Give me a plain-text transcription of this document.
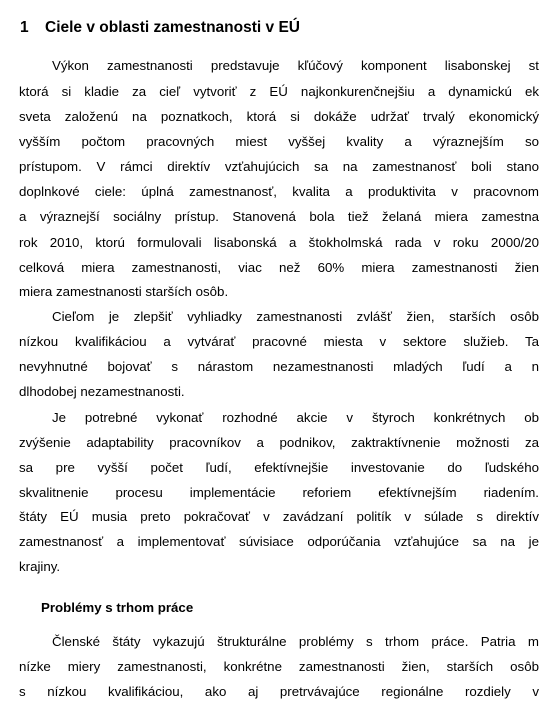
1 Ciele v oblasti zamestnanosti v EÚ
Výkon zamestnanosti predstavuje kľúčový komponent lisabonskej st
ktorá si kladie za cieľ vytvoriť z EÚ najkonkurenčnejšiu a dynamickú ek
sveta založenú na poznatkoch, ktorá si dokáže udržať trvalý ekonomický
vyšším počtom pracovných miest vyššej kvality a výraznejším so
prístupom. V rámci direktív vzťahujúcich sa na zamestnanosť boli stano
doplnkové ciele: úplná zamestnanosť, kvalita a produktivita v pracovnom
a výraznejší sociálny prístup. Stanovená bola tiež želaná miera zamestna
rok 2010, ktorú formulovali lisabonská a štokholmská rada v roku 2000/20
celková miera zamestnanosti, viac než 60% miera zamestnanosti žien
miera zamestnanosti starších osôb.
Cieľom je zlepšiť vyhliadky zamestnanosti zvlášť žien, starších osôb
nízkou kvalifikáciou a vytvárať pracovné miesta v sektore služieb. Ta
nevyhnutné bojovať s nárastom nezamestnanosti mladých ľudí a n
dlhodobej nezamestnanosti.
Je potrebné vykonať rozhodné akcie v štyroch konkrétnych ob
zvýšenie adaptability pracovníkov a podnikov, zaktraktívnenie možnosti za
sa pre vyšší počet ľudí, efektívnejšie investovanie do ľudského
skvalitnenie procesu implementácie reforiem efektívnejším riadením.
štáty EÚ musia preto pokračovať v zavádzaní politík v súlade s direktív
zamestnanosť a implementovať súvisiace odporúčania vzťahujúce sa na je
krajiny.
Problémy s trhom práce
Členské štáty vykazujú štrukturálne problémy s trhom práce. Patria m
nízke miery zamestnanosti, konkrétne zamestnanosti žien, starších osôb
s nízkou kvalifikáciou, ako aj pretrvávajúce regionálne rozdiely v
